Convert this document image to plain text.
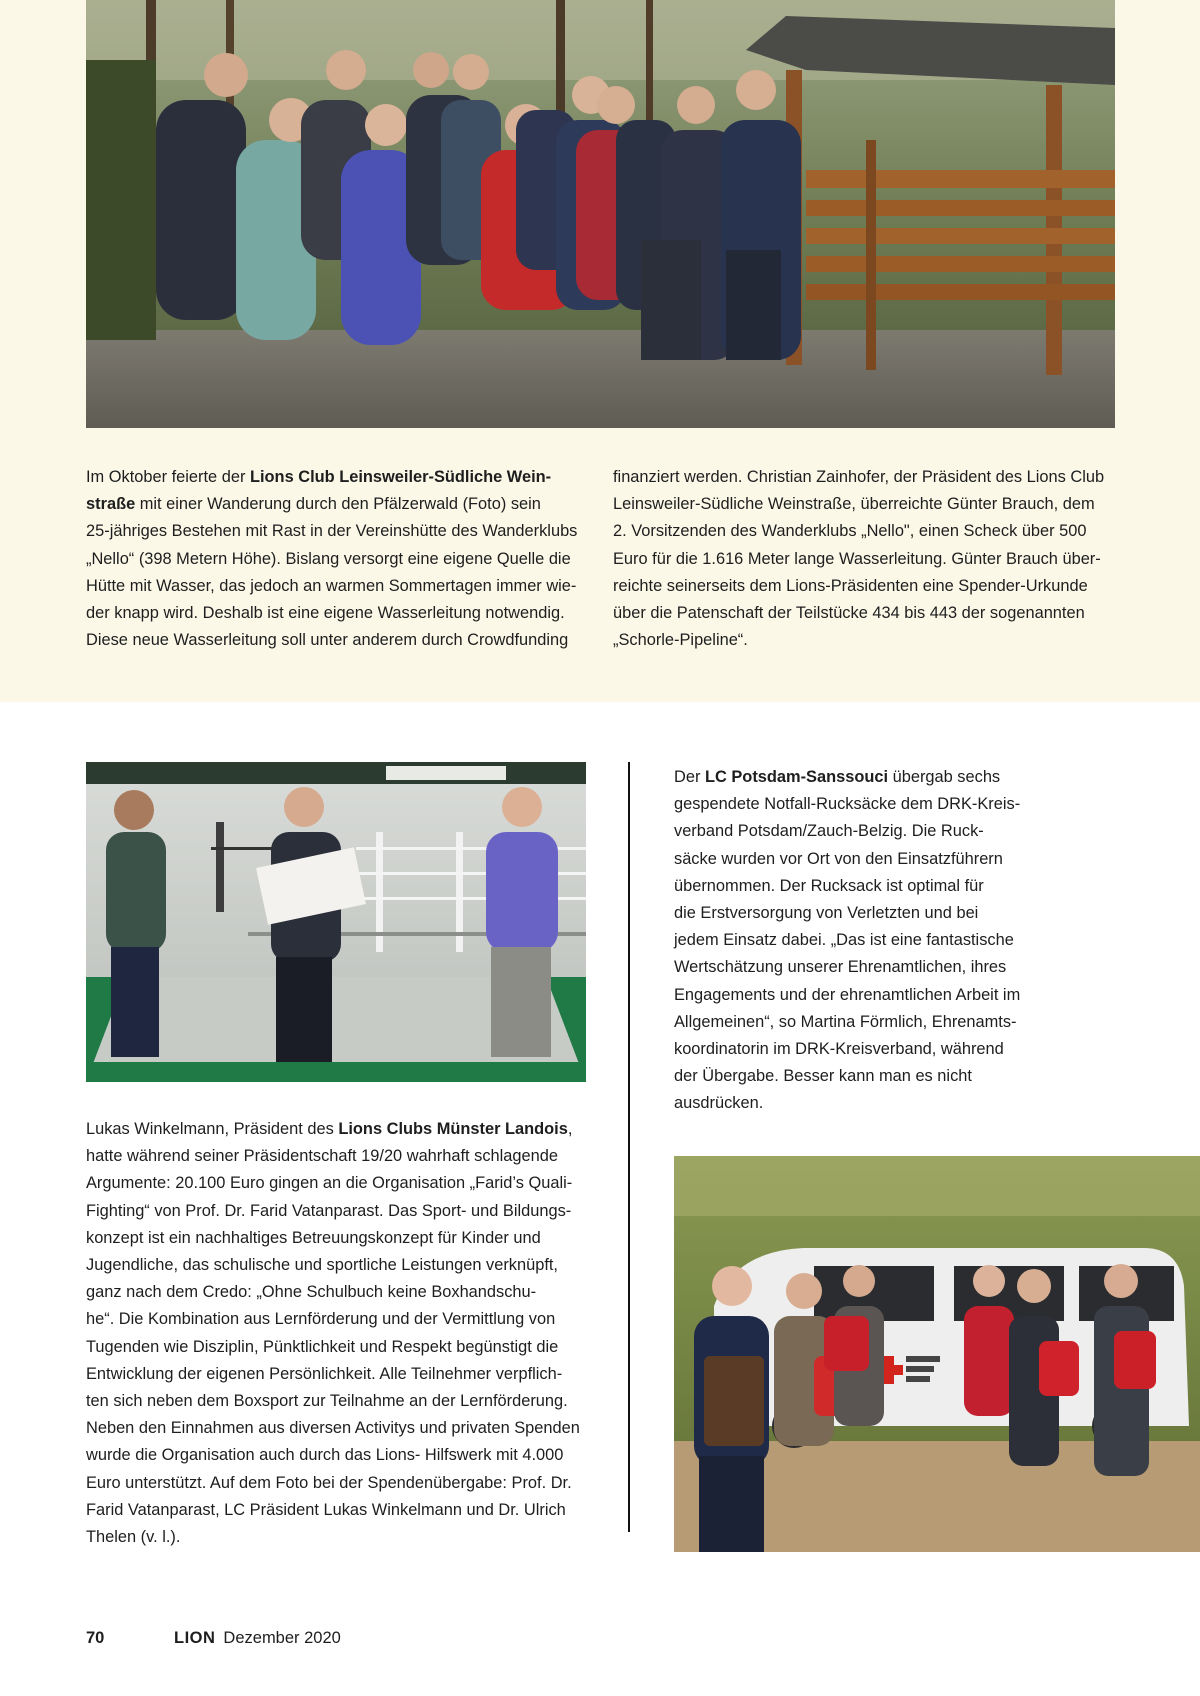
Im Oktober feierte der Lions Club Leinsweiler-Südliche Wein-
straße mit einer Wanderung durch den Pfälzerwald (Foto) sein
25-jähriges Bestehen mit Rast in der Vereinshütte des Wanderklubs
„Nello“ (398 Metern Höhe). Bislang versorgt eine eigene Quelle die
Hütte mit Wasser, das jedoch an warmen Sommertagen immer wie-
der knapp wird. Deshalb ist eine eigene Wasserleitung notwendig.
Diese neue Wasserleitung soll unter anderem durch Crowdfunding

finanziert werden. Christian Zainhofer, der Präsident des Lions Club
Leinsweiler-Südliche Weinstraße, überreichte Günter Brauch, dem
2. Vorsitzenden des Wanderklubs „Nello", einen Scheck über 500
Euro für die 1.616 Meter lange Wasserleitung. Günter Brauch über-
reichte seinerseits dem Lions-Präsidenten eine Spender-Urkunde
über die Patenschaft der Teilstücke 434 bis 443 der sogenannten
„Schorle-Pipeline“.

Lukas Winkelmann, Präsident des Lions Clubs Münster Landois,
hatte während seiner Präsidentschaft 19/20 wahrhaft schlagende
Argumente: 20.100 Euro gingen an die Organisation „Farid’s Quali-
Fighting“ von Prof. Dr. Farid Vatanparast. Das Sport- und Bildungs-
konzept ist ein nachhaltiges Betreuungskonzept für Kinder und
Jugendliche, das schulische und sportliche Leistungen verknüpft,
ganz nach dem Credo: „Ohne Schulbuch keine Boxhandschu-
he“. Die Kombination aus Lernförderung und der Vermittlung von
Tugenden wie Disziplin, Pünktlichkeit und Respekt begünstigt die
Entwicklung der eigenen Persönlichkeit. Alle Teilnehmer verpflich-
ten sich neben dem Boxsport zur Teilnahme an der Lernförderung.
Neben den Einnahmen aus diversen Activitys und privaten Spenden
wurde die Organisation auch durch das Lions- Hilfswerk mit 4.000
Euro unterstützt. Auf dem Foto bei der Spendenübergabe: Prof. Dr.
Farid Vatanparast, LC Präsident Lukas Winkelmann und Dr. Ulrich
Thelen (v. l.).

Der LC Potsdam-Sanssouci übergab sechs
gespendete Notfall-Rucksäcke dem DRK-Kreis-
verband Potsdam/Zauch-Belzig. Die Ruck-
säcke wurden vor Ort von den Einsatzführern
übernommen. Der Rucksack ist optimal für
die Erstversorgung von Verletzten und bei
jedem Einsatz dabei. „Das ist eine fantastische
Wertschätzung unserer Ehrenamtlichen, ihres
Engagements und der ehrenamtlichen Arbeit im
Allgemeinen“, so Martina Förmlich, Ehrenamts-
koordinatorin im DRK-Kreisverband, während
der Übergabe. Besser kann man es nicht
ausdrücken.

70	LION Dezember 2020
